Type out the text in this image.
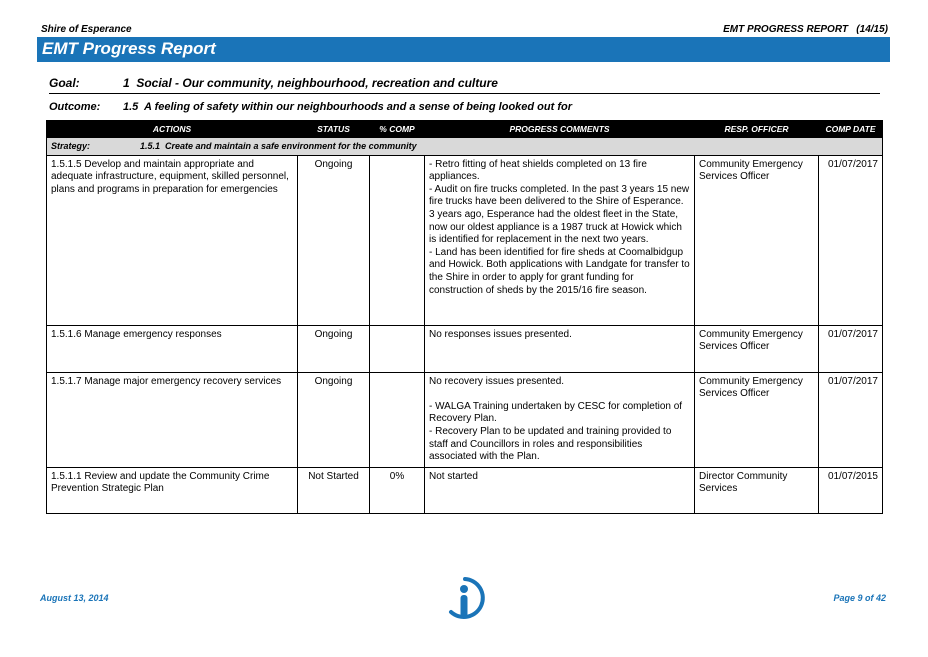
Shire of Esperance	EMT PROGRESS REPORT   (14/15)
EMT Progress Report
Goal:	1  Social - Our community, neighbourhood, recreation and culture
Outcome: 1.5  A feeling of safety within our neighbourhoods and a sense of being looked out for
ACTIONS	STATUS	% COMP	PROGRESS COMMENTS	RESP. OFFICER	COMP DATE
Strategy: 1.5.1  Create and maintain a safe environment for the community					
1.5.1.5 Develop and maintain appropriate and adequate infrastructure, equipment, skilled personnel, plans and programs in preparation for emergencies	Ongoing		- Retro fitting of heat shields completed on 13 fire appliances.
- Audit on fire trucks completed. In the past 3 years 15 new fire trucks have been delivered to the Shire of Esperance. 3 years ago, Esperance had the oldest fleet in the State, now our oldest appliance is a 1987 truck at Howick which is identified for replacement in the next two years.
- Land has been identified for fire sheds at Coomalbidgup and Howick. Both applications with Landgate for transfer to the Shire in order to apply for grant funding for construction of sheds by the 2015/16 fire season.	Community Emergency Services Officer	01/07/2017
1.5.1.6 Manage emergency responses	Ongoing		No responses issues presented.	Community Emergency Services Officer	01/07/2017
1.5.1.7 Manage major emergency recovery services	Ongoing		No recovery issues presented.

- WALGA Training undertaken by CESC for completion of Recovery Plan.
- Recovery Plan to be updated and training provided to staff and Councillors in roles and responsibilities associated with the Plan.	Community Emergency Services Officer	01/07/2017
1.5.1.1 Review and update the Community Crime Prevention Strategic Plan	Not Started	0%	Not started	Director Community Services	01/07/2015
August 13, 2014	Page 9 of 42
